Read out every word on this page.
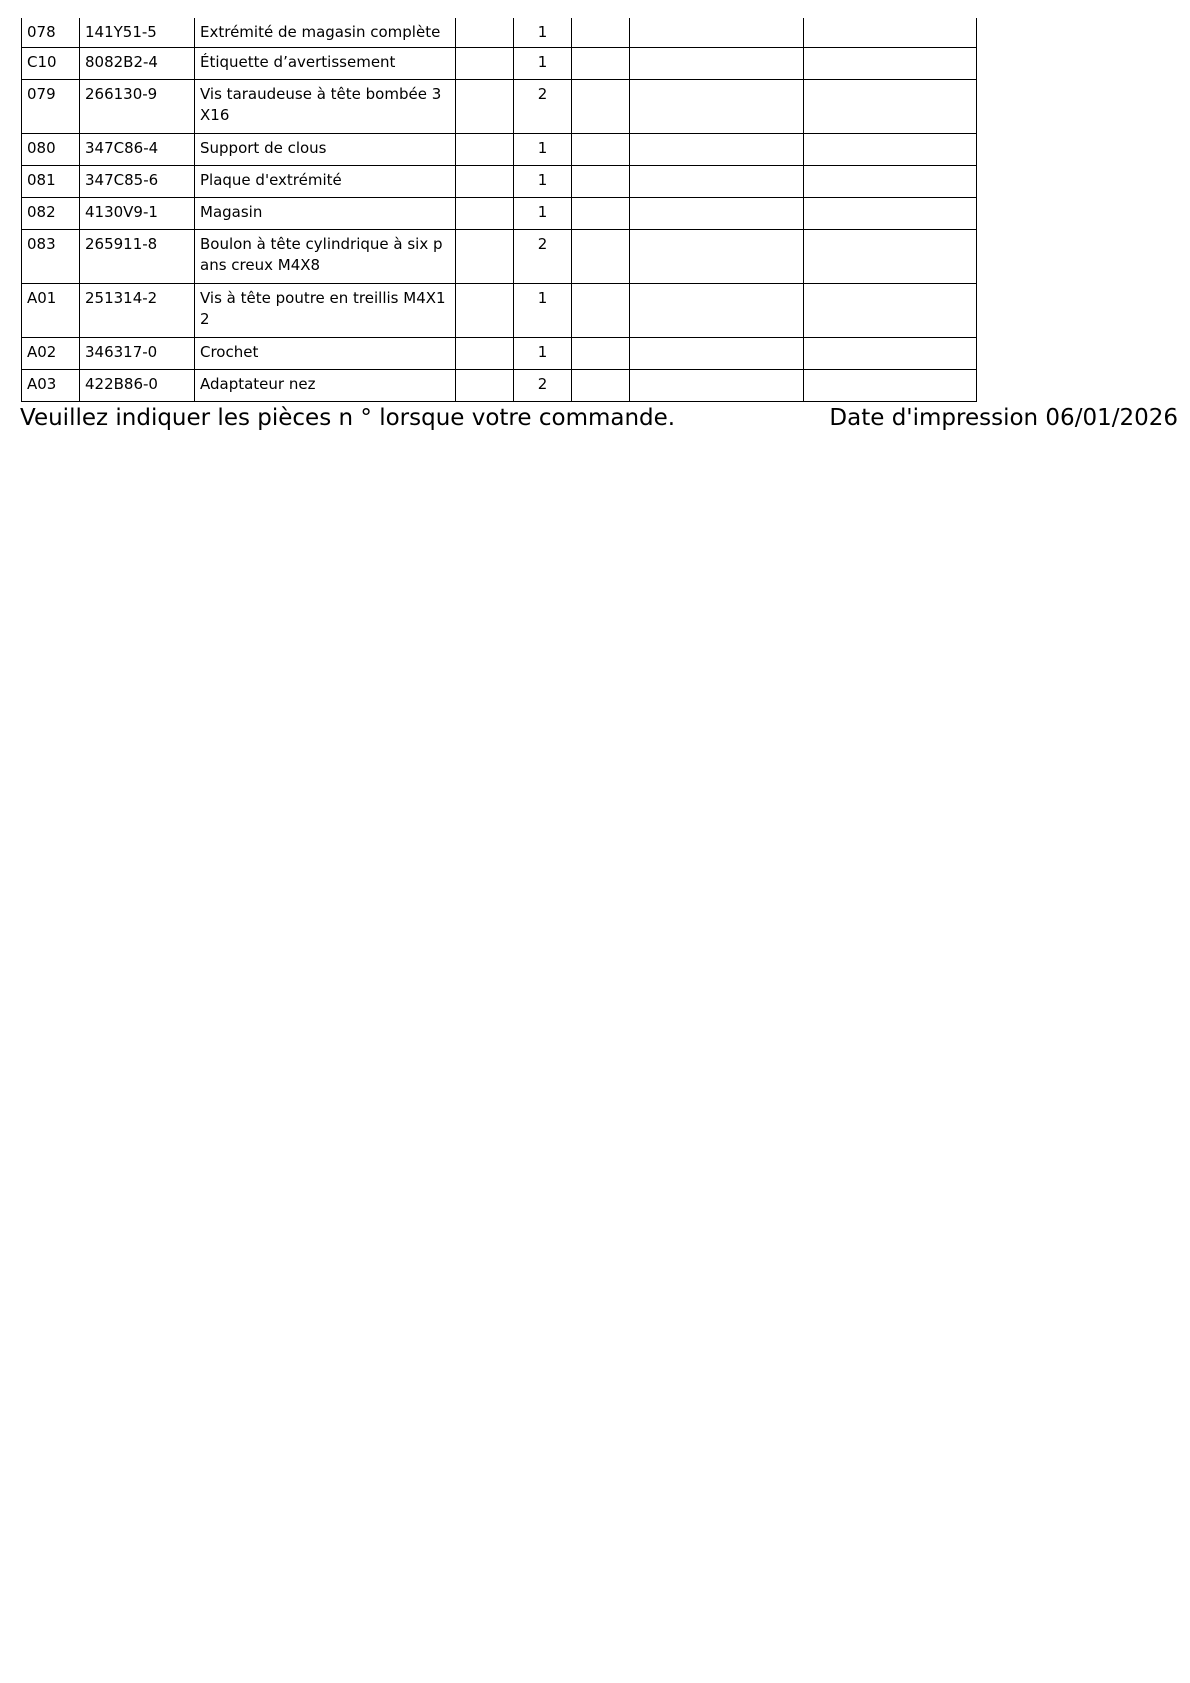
078	141Y51-5	Extrémité de magasin complète		1			
C10	8082B2-4	Étiquette d’avertissement		1			
079	266130-9	Vis taraudeuse à tête bombée 3X16		2			
080	347C86-4	Support de clous		1			
081	347C85-6	Plaque d'extrémité		1			
082	4130V9-1	Magasin		1			
083	265911-8	Boulon à tête cylindrique à six pans creux M4X8		2			
A01	251314-2	Vis à tête poutre en treillis M4X12		1			
A02	346317-0	Crochet		1			
A03	422B86-0	Adaptateur nez		2			
Veuillez indiquer les pièces n ° lorsque votre commande.	Date d'impression 06/01/2026
